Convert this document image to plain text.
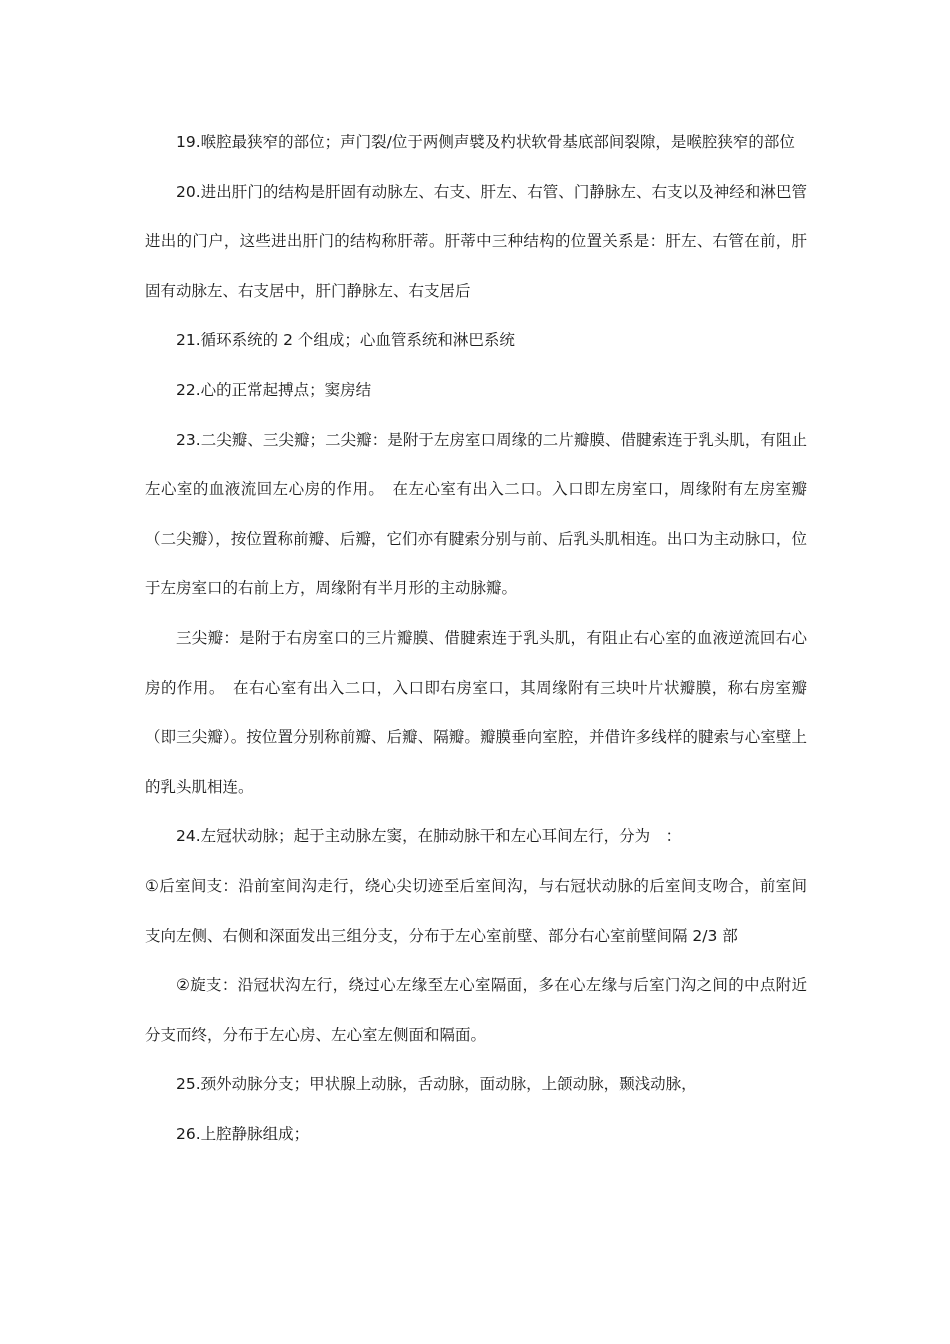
19.喉腔最狭窄的部位；声门裂/位于两侧声襞及杓状软骨基底部间裂隙，是喉腔狭窄的部位

20.进出肝门的结构是肝固有动脉左、右支、肝左、右管、门静脉左、右支以及神经和淋巴管进出的门户，这些进出肝门的结构称肝蒂。肝蒂中三种结构的位置关系是：肝左、右管在前，肝固有动脉左、右支居中，肝门静脉左、右支居后

21.循环系统的 2 个组成；心血管系统和淋巴系统

22.心的正常起搏点；窦房结

23.二尖瓣、三尖瓣；二尖瓣：是附于左房室口周缘的二片瓣膜、借腱索连于乳头肌，有阻止左心室的血液流回左心房的作用。　在左心室有出入二口。入口即左房室口，周缘附有左房室瓣（二尖瓣），按位置称前瓣、后瓣，它们亦有腱索分别与前、后乳头肌相连。出口为主动脉口，位于左房室口的右前上方，周缘附有半月形的主动脉瓣。

三尖瓣：是附于右房室口的三片瓣膜、借腱索连于乳头肌，有阻止右心室的血液逆流回右心房的作用。　在右心室有出入二口，入口即右房室口，其周缘附有三块叶片状瓣膜，称右房室瓣（即三尖瓣）。按位置分别称前瓣、后瓣、隔瓣。瓣膜垂向室腔，并借许多线样的腱索与心室壁上的乳头肌相连。

24.左冠状动脉；起于主动脉左窦，在肺动脉干和左心耳间左行，分为　：

①后室间支：沿前室间沟走行，绕心尖切迹至后室间沟，与右冠状动脉的后室间支吻合，前室间支向左侧、右侧和深面发出三组分支，分布于左心室前壁、部分右心室前壁间隔 2/3 部

②旋支：沿冠状沟左行，绕过心左缘至左心室隔面，多在心左缘与后室门沟之间的中点附近分支而终，分布于左心房、左心室左侧面和隔面。

25.颈外动脉分支；甲状腺上动脉，舌动脉，面动脉，上颌动脉，颞浅动脉，

26.上腔静脉组成；
